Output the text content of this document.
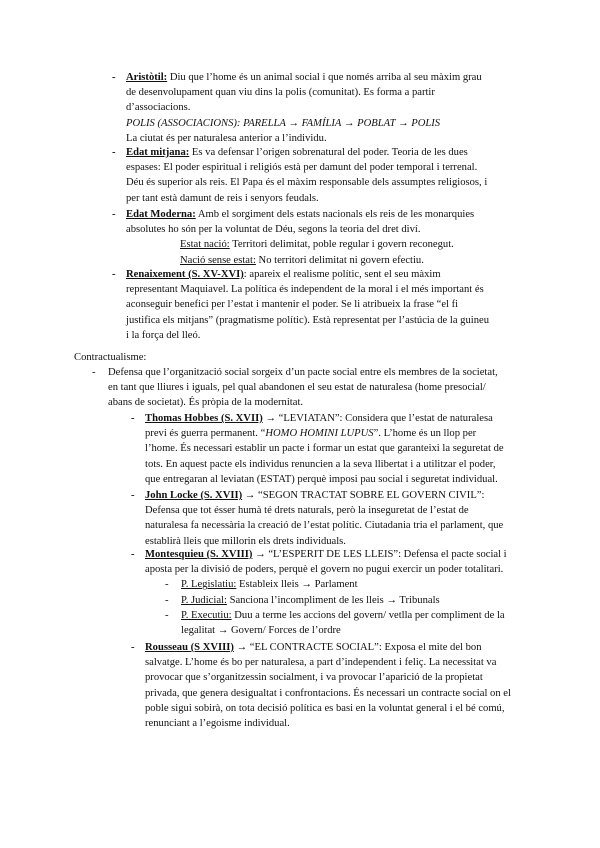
- Aristòtil: Diu que l’home és un animal social i que només arriba al seu màxim grau

de desenvolupament quan viu dins la polis (comunitat). Es forma a partir

d’associacions.

POLIS (ASSOCIACIONS): PARELLA → FAMÍLIA → POBLAT → POLIS

La ciutat és per naturalesa anterior a l’individu.

- Edat mitjana: Es va defensar l’origen sobrenatural del poder. Teoria de les dues

espases: El poder espiritual i religiós està per damunt del poder temporal i terrenal.

Déu és superior als reis. El Papa és el màxim responsable dels assumptes religiosos, i

per tant està damunt de reis i senyors feudals.

- Edat Moderna: Amb el sorgiment dels estats nacionals els reis de les monarquies

absolutes ho són per la voluntat de Déu, segons la teoria del dret diví.

Estat nació: Territori delimitat, poble regular i govern reconegut.

Nació sense estat: No territori delimitat ni govern efectiu.

- Renaixement (S. XV-XVI): apareix el realisme polític, sent el seu màxim

representant Maquiavel. La política és independent de la moral i el més important és

aconseguir benefici per l’estat i mantenir el poder. Se li atribueix la frase “el fi

justifica els mitjans” (pragmatisme polític). Està representat per l’astúcia de la guineu

i la força del lleó.

Contractualisme:
- Defensa que l’organització social sorgeix d’un pacte social entre els membres de la societat,

en tant que lliures i iguals, pel qual abandonen el seu estat de naturalesa (home presocial/

abans de societat). És pròpia de la modernitat.

- Thomas Hobbes (S. XVII) → “LEVIATAN”: Considera que l’estat de naturalesa

previ és guerra permanent. “HOMO HOMINI LUPUS”. L’home és un llop per

l’home. És necessari establir un pacte i formar un estat que garanteixi la seguretat de

tots. En aquest pacte els individus renuncien a la seva llibertat i a utilitzar el poder,

que entregaran al leviatan (ESTAT) perquè imposi pau social i seguretat individual.

- John Locke (S. XVII) → “SEGON TRACTAT SOBRE EL GOVERN CIVIL”:

Defensa que tot ésser humà té drets naturals, però la inseguretat de l’estat de

naturalesa fa necessària la creació de l’estat polític. Ciutadania tria el parlament, que

establirà lleis que millorin els drets individuals.

- Montesquieu (S. XVIII) → “L’ESPERIT DE LES LLEIS”: Defensa el pacte social i

aposta per la divisió de poders, perquè el govern no pugui exercir un poder totalitari.

- P. Legislatiu: Estableix lleis → Parlament

- P. Judicial: Sanciona l’incompliment de les lleis → Tribunals

- P. Executiu: Duu a terme les accions del govern/ vetlla per compliment de la

legalitat → Govern/ Forces de l’ordre

- Rousseau (S XVIII) → “EL CONTRACTE SOCIAL”: Exposa el mite del bon

salvatge. L’home és bo per naturalesa, a part d’independent i feliç. La necessitat va

provocar que s’organitzessin socialment, i va provocar l’aparició de la propietat

privada, que genera desigualtat i confrontacions. És necessari un contracte social on el

poble sigui sobirà, on tota decisió política es basi en la voluntat general i el bé comú,

renunciant a l’egoisme individual.
